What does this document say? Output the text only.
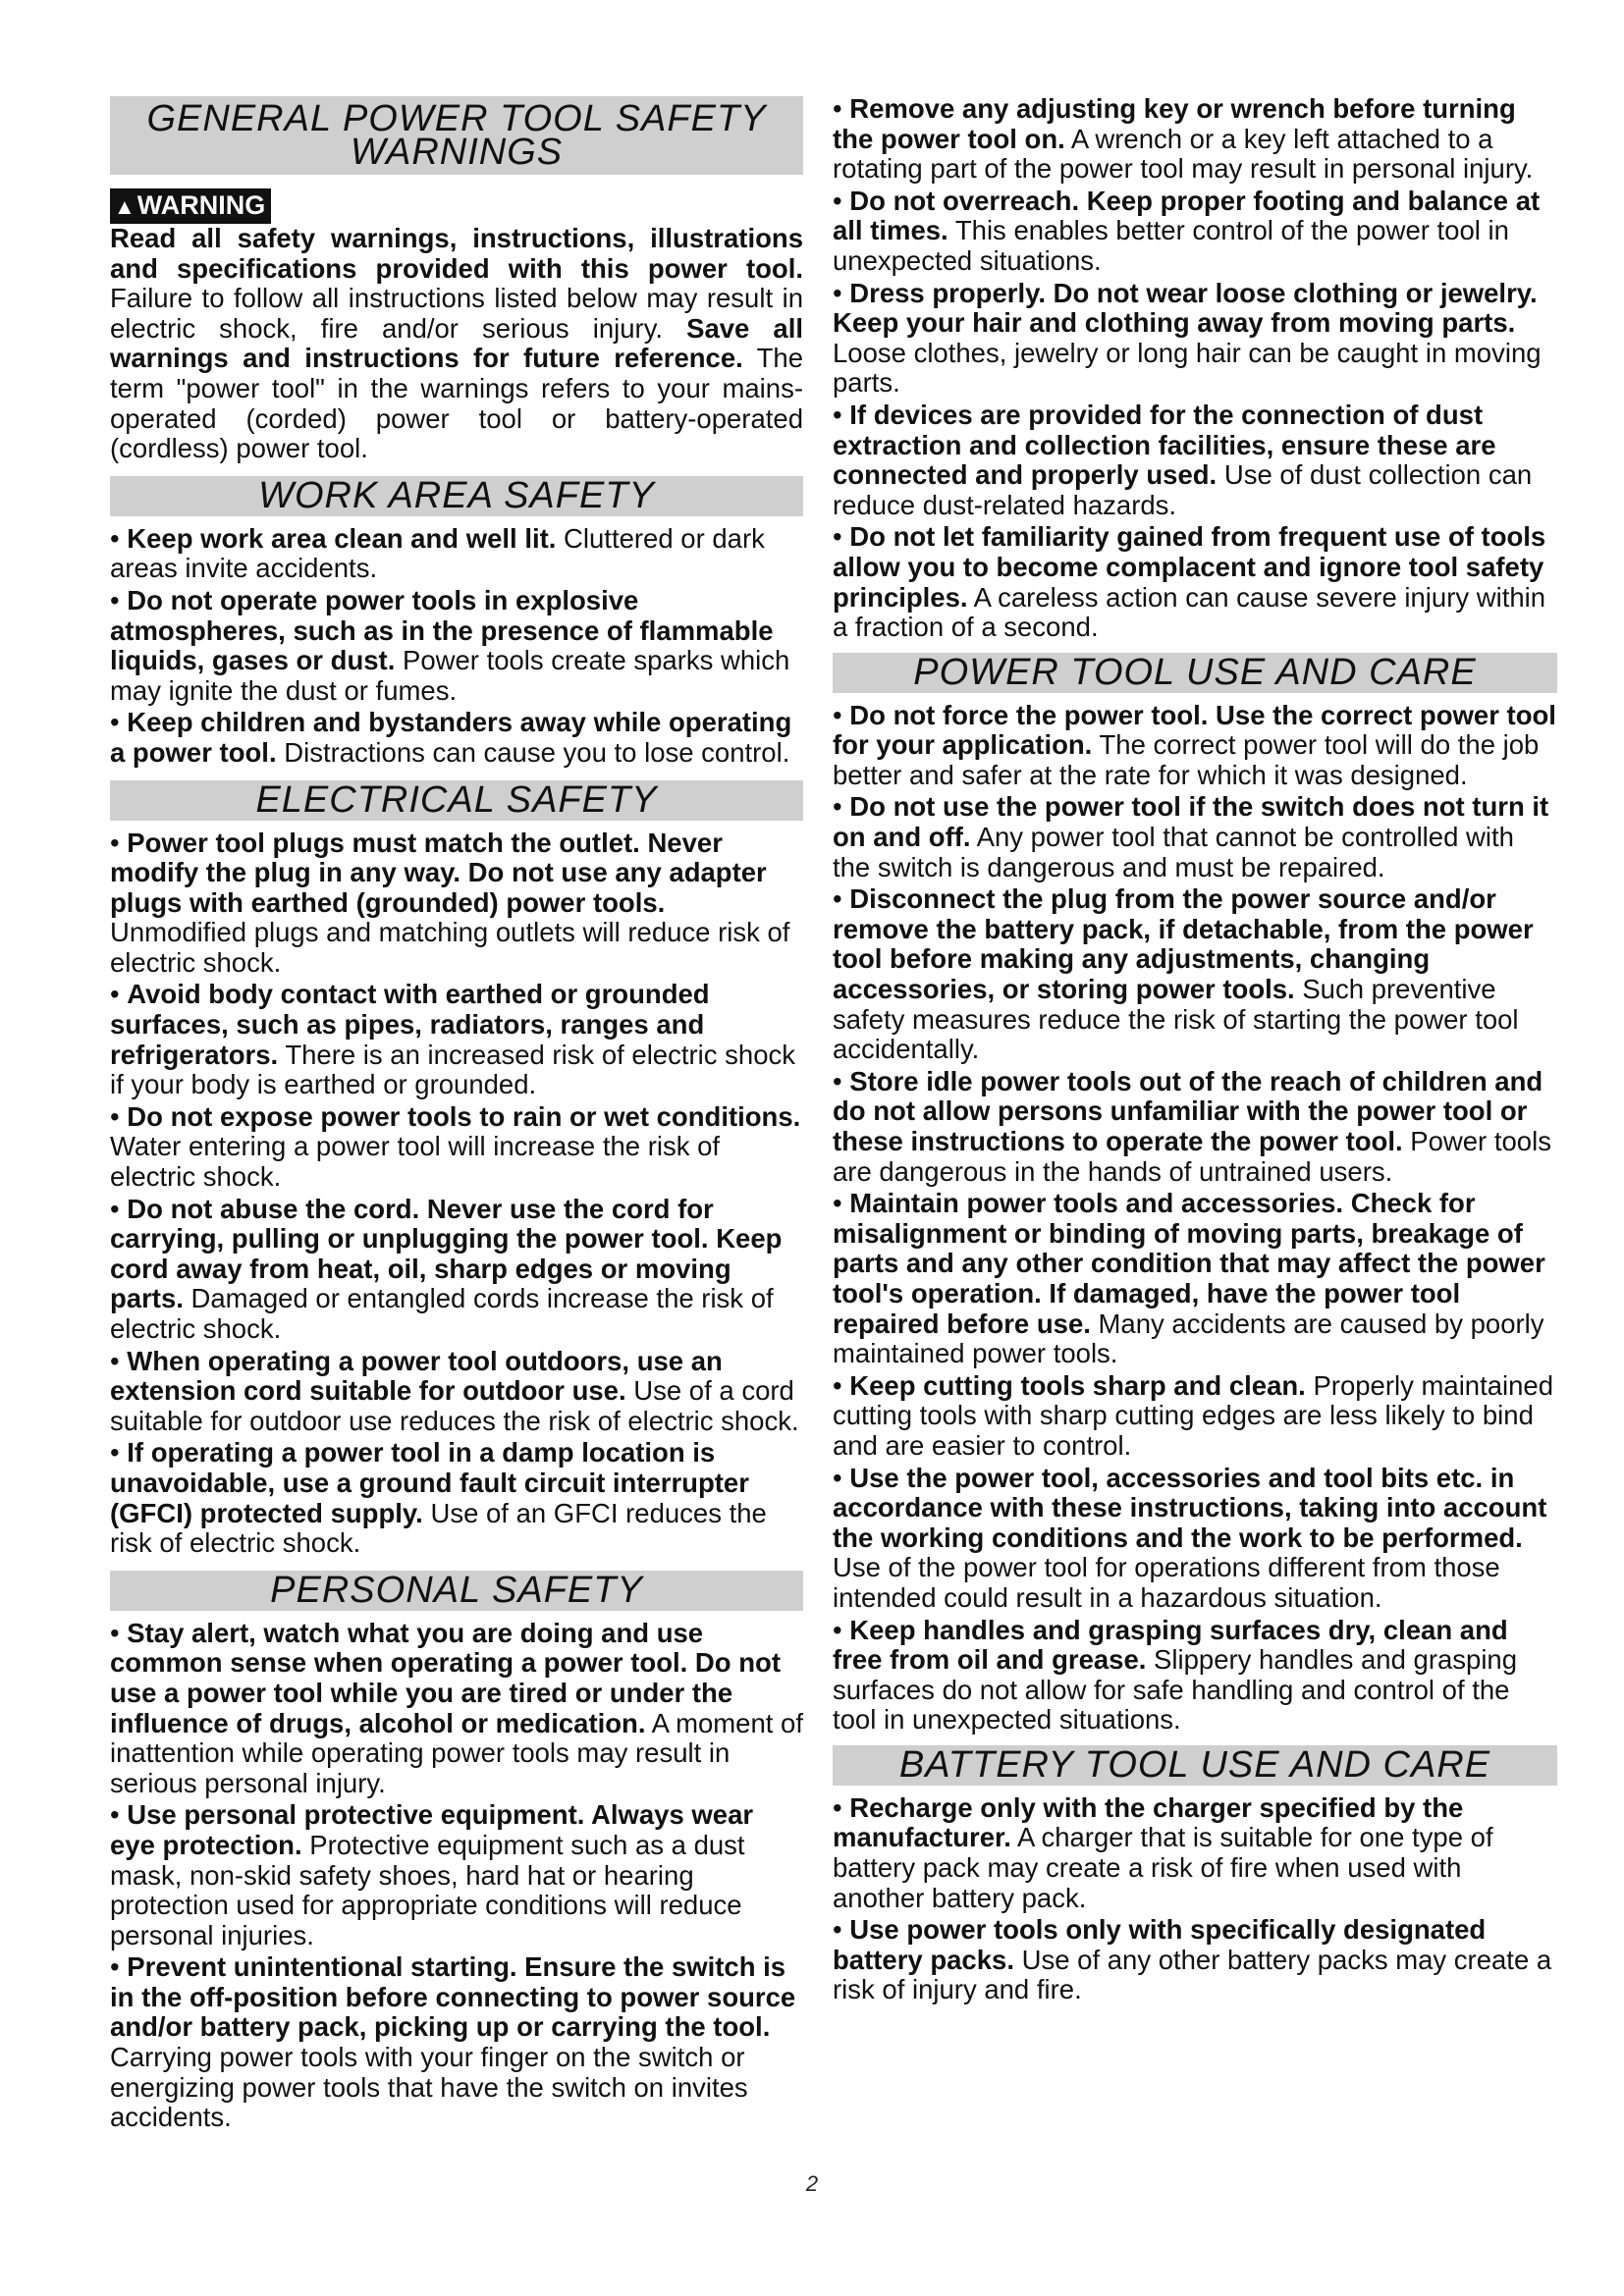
GENERAL POWER TOOL SAFETY WARNINGS
▲WARNING

Read all safety warnings, instructions, illustrations and specifications provided with this power tool. Failure to follow all instructions listed below may result in electric shock, fire and/or serious injury. Save all warnings and instructions for future reference. The term "power tool" in the warnings refers to your mains-operated (corded) power tool or battery-operated (cordless) power tool.

WORK AREA SAFETY

• Keep work area clean and well lit. Cluttered or dark areas invite accidents.

• Do not operate power tools in explosive atmospheres, such as in the presence of flammable liquids, gases or dust. Power tools create sparks which may ignite the dust or fumes.

• Keep children and bystanders away while operating a power tool. Distractions can cause you to lose control.

ELECTRICAL SAFETY

• Power tool plugs must match the outlet. Never modify the plug in any way. Do not use any adapter plugs with earthed (grounded) power tools. Unmodified plugs and matching outlets will reduce risk of electric shock.

• Avoid body contact with earthed or grounded surfaces, such as pipes, radiators, ranges and refrigerators. There is an increased risk of electric shock if your body is earthed or grounded.

• Do not expose power tools to rain or wet conditions. Water entering a power tool will increase the risk of electric shock.

• Do not abuse the cord. Never use the cord for carrying, pulling or unplugging the power tool. Keep cord away from heat, oil, sharp edges or moving parts. Damaged or entangled cords increase the risk of electric shock.

• When operating a power tool outdoors, use an extension cord suitable for outdoor use. Use of a cord suitable for outdoor use reduces the risk of electric shock.

• If operating a power tool in a damp location is unavoidable, use a ground fault circuit interrupter (GFCI) protected supply. Use of an GFCI reduces the risk of electric shock.

PERSONAL SAFETY

• Stay alert, watch what you are doing and use common sense when operating a power tool. Do not use a power tool while you are tired or under the influence of drugs, alcohol or medication. A moment of inattention while operating power tools may result in serious personal injury.

• Use personal protective equipment. Always wear eye protection. Protective equipment such as a dust mask, non-skid safety shoes, hard hat or hearing protection used for appropriate conditions will reduce personal injuries.

• Prevent unintentional starting. Ensure the switch is in the off-position before connecting to power source and/or battery pack, picking up or carrying the tool. Carrying power tools with your finger on the switch or energizing power tools that have the switch on invites accidents.

• Remove any adjusting key or wrench before turning the power tool on. A wrench or a key left attached to a rotating part of the power tool may result in personal injury.

• Do not overreach. Keep proper footing and balance at all times. This enables better control of the power tool in unexpected situations.

• Dress properly. Do not wear loose clothing or jewelry. Keep your hair and clothing away from moving parts. Loose clothes, jewelry or long hair can be caught in moving parts.

• If devices are provided for the connection of dust extraction and collection facilities, ensure these are connected and properly used. Use of dust collection can reduce dust-related hazards.

• Do not let familiarity gained from frequent use of tools allow you to become complacent and ignore tool safety principles. A careless action can cause severe injury within a fraction of a second.

POWER TOOL USE AND CARE

• Do not force the power tool. Use the correct power tool for your application. The correct power tool will do the job better and safer at the rate for which it was designed.

• Do not use the power tool if the switch does not turn it on and off. Any power tool that cannot be controlled with the switch is dangerous and must be repaired.

• Disconnect the plug from the power source and/or remove the battery pack, if detachable, from the power tool before making any adjustments, changing accessories, or storing power tools. Such preventive safety measures reduce the risk of starting the power tool accidentally.

• Store idle power tools out of the reach of children and do not allow persons unfamiliar with the power tool or these instructions to operate the power tool. Power tools are dangerous in the hands of untrained users.

• Maintain power tools and accessories. Check for misalignment or binding of moving parts, breakage of parts and any other condition that may affect the power tool's operation. If damaged, have the power tool repaired before use. Many accidents are caused by poorly maintained power tools.

• Keep cutting tools sharp and clean. Properly maintained cutting tools with sharp cutting edges are less likely to bind and are easier to control.

• Use the power tool, accessories and tool bits etc. in accordance with these instructions, taking into account the working conditions and the work to be performed. Use of the power tool for operations different from those intended could result in a hazardous situation.

• Keep handles and grasping surfaces dry, clean and free from oil and grease. Slippery handles and grasping surfaces do not allow for safe handling and control of the tool in unexpected situations.

BATTERY TOOL USE AND CARE

• Recharge only with the charger specified by the manufacturer. A charger that is suitable for one type of battery pack may create a risk of fire when used with another battery pack.

• Use power tools only with specifically designated battery packs. Use of any other battery packs may create a risk of injury and fire.

2
